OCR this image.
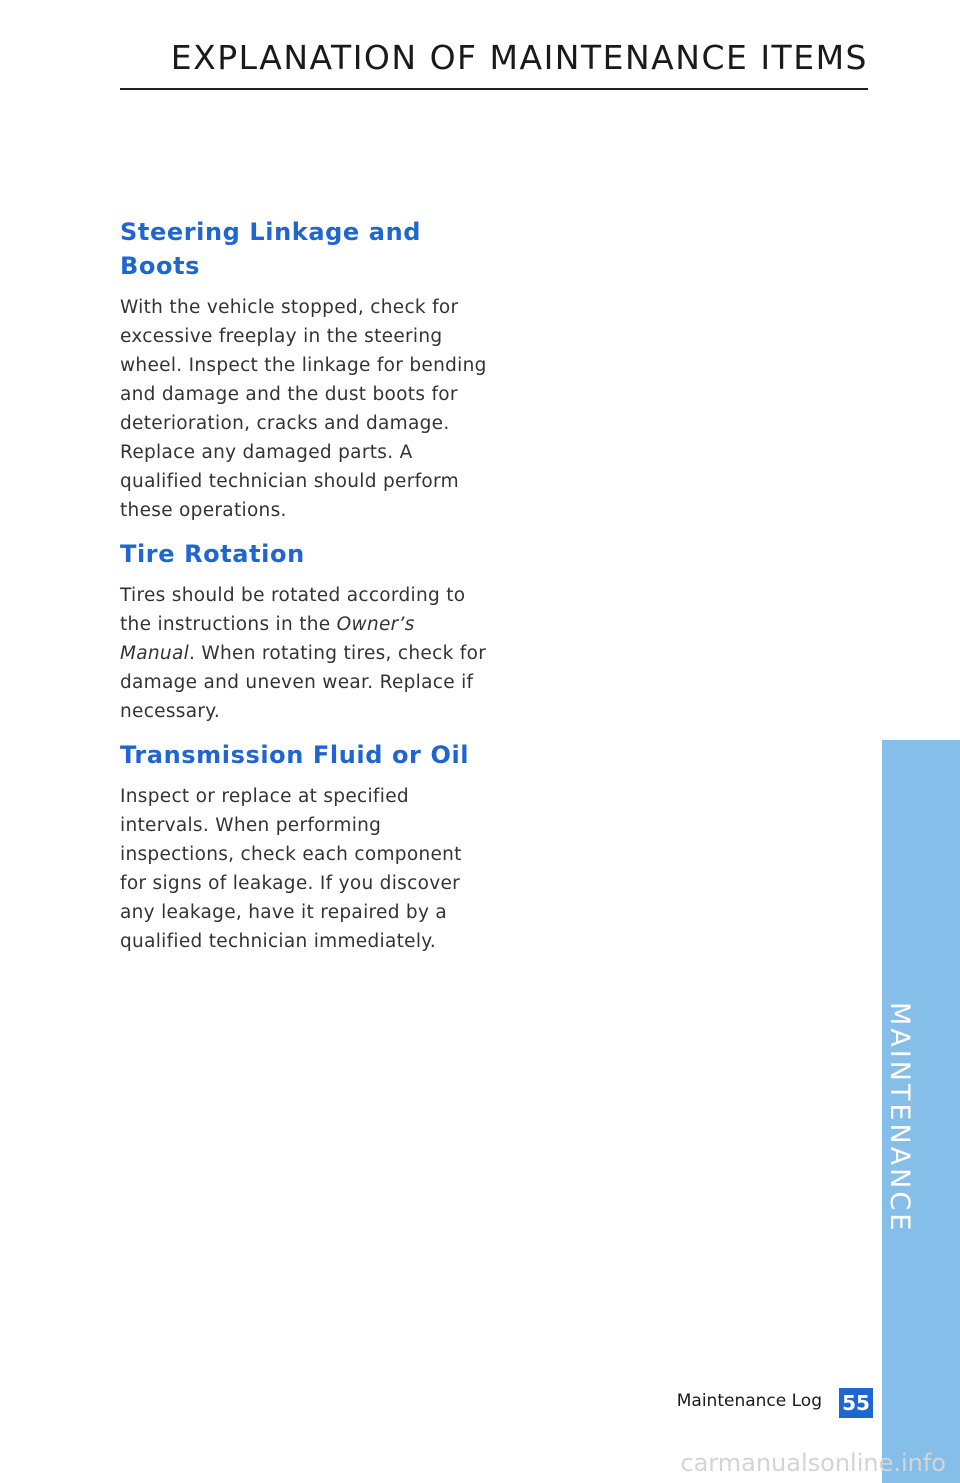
EXPLANATION OF MAINTENANCE ITEMS
Steering Linkage and Boots

With the vehicle stopped, check for excessive freeplay in the steering wheel. Inspect the linkage for bending and damage and the dust boots for deterioration, cracks and damage. Replace any damaged parts. A qualified technician should perform these operations.

Tire Rotation

Tires should be rotated according to the instructions in the Owner’s Manual. When rotating tires, check for damage and uneven wear. Replace if necessary.

Transmission Fluid or Oil

Inspect or replace at specified intervals. When performing inspections, check each component for signs of leakage. If you discover any leakage, have it repaired by a qualified technician immediately.

MAINTENANCE
Maintenance Log 55
carmanualsonline.info
